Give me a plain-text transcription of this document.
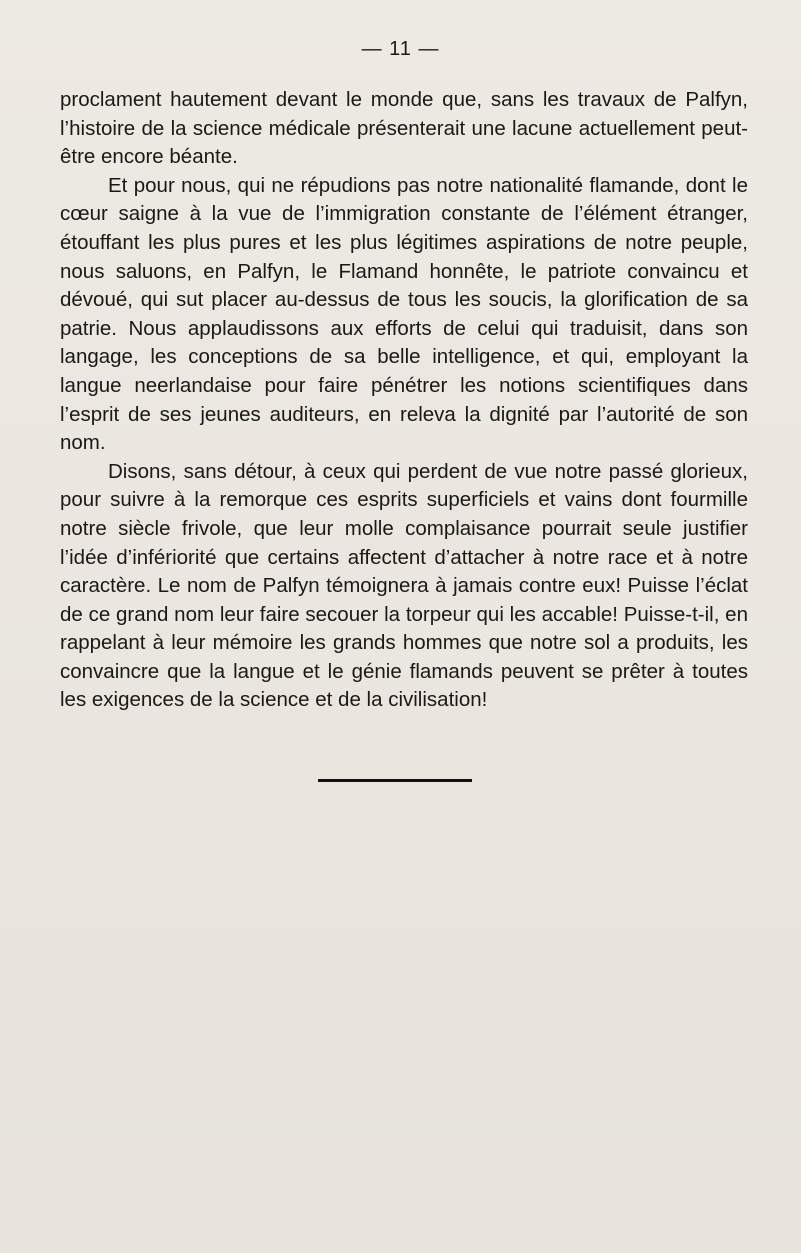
— 11 —

proclament hautement devant le monde que, sans les travaux de Palfyn, l’histoire de la science médicale présenterait une lacune actuellement peut-être encore béante.

Et pour nous, qui ne répudions pas notre nationalité flamande, dont le cœur saigne à la vue de l’immigration constante de l’élément étranger, étouffant les plus pures et les plus légitimes aspirations de notre peuple, nous saluons, en Palfyn, le Flamand honnête, le patriote convaincu et dévoué, qui sut placer au-dessus de tous les soucis, la glorification de sa patrie. Nous applaudissons aux efforts de celui qui traduisit, dans son langage, les conceptions de sa belle intelligence, et qui, employant la langue neerlandaise pour faire pénétrer les notions scientifiques dans l’esprit de ses jeunes auditeurs, en releva la dignité par l’autorité de son nom.

Disons, sans détour, à ceux qui perdent de vue notre passé glorieux, pour suivre à la remorque ces esprits superficiels et vains dont fourmille notre siècle frivole, que leur molle complaisance pourrait seule justifier l’idée d’infériorité que certains affectent d’attacher à notre race et à notre caractère. Le nom de Palfyn témoignera à jamais contre eux! Puisse l’éclat de ce grand nom leur faire secouer la torpeur qui les accable! Puisse-t-il, en rappelant à leur mémoire les grands hommes que notre sol a produits, les convaincre que la langue et le génie flamands peuvent se prêter à toutes les exigences de la science et de la civilisation!
